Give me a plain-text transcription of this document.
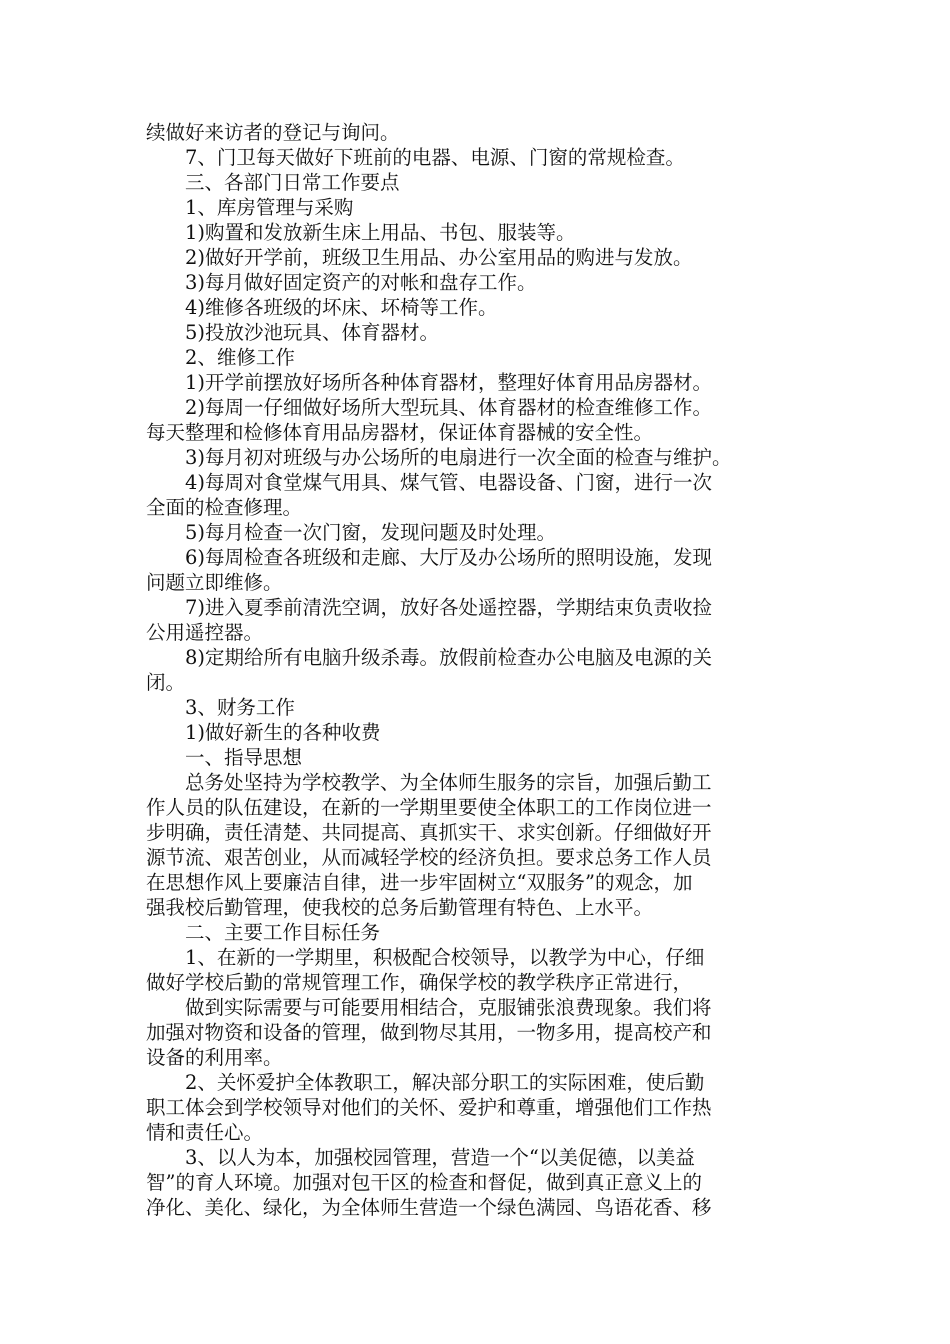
续做好来访者的登记与询问。
7、门卫每天做好下班前的电器、电源、门窗的常规检查。
三、各部门日常工作要点
1、库房管理与采购
1)购置和发放新生床上用品、书包、服装等。
2)做好开学前，班级卫生用品、办公室用品的购进与发放。
3)每月做好固定资产的对帐和盘存工作。
4)维修各班级的坏床、坏椅等工作。
5)投放沙池玩具、体育器材。
2、维修工作
1)开学前摆放好场所各种体育器材，整理好体育用品房器材。
2)每周一仔细做好场所大型玩具、体育器材的检查维修工作。
每天整理和检修体育用品房器材，保证体育器械的安全性。
3)每月初对班级与办公场所的电扇进行一次全面的检查与维护。
4)每周对食堂煤气用具、煤气管、电器设备、门窗，进行一次
全面的检查修理。
5)每月检查一次门窗，发现问题及时处理。
6)每周检查各班级和走廊、大厅及办公场所的照明设施，发现
问题立即维修。
7)进入夏季前清洗空调，放好各处遥控器，学期结束负责收捡
公用遥控器。
8)定期给所有电脑升级杀毒。放假前检查办公电脑及电源的关
闭。
3、财务工作
1)做好新生的各种收费
一、指导思想
总务处坚持为学校教学、为全体师生服务的宗旨，加强后勤工
作人员的队伍建设，在新的一学期里要使全体职工的工作岗位进一
步明确，责任清楚、共同提高、真抓实干、求实创新。仔细做好开
源节流、艰苦创业，从而减轻学校的经济负担。要求总务工作人员
在思想作风上要廉洁自律，进一步牢固树立“双服务”的观念，加
强我校后勤管理，使我校的总务后勤管理有特色、上水平。
二、主要工作目标任务
1、在新的一学期里，积极配合校领导，以教学为中心，仔细
做好学校后勤的常规管理工作，确保学校的教学秩序正常进行，
做到实际需要与可能要用相结合，克服铺张浪费现象。我们将
加强对物资和设备的管理，做到物尽其用，一物多用，提高校产和
设备的利用率。
2、关怀爱护全体教职工，解决部分职工的实际困难，使后勤
职工体会到学校领导对他们的关怀、爱护和尊重，增强他们工作热
情和责任心。
3、以人为本，加强校园管理，营造一个“以美促德，以美益
智”的育人环境。加强对包干区的检查和督促，做到真正意义上的
净化、美化、绿化，为全体师生营造一个绿色满园、鸟语花香、移
